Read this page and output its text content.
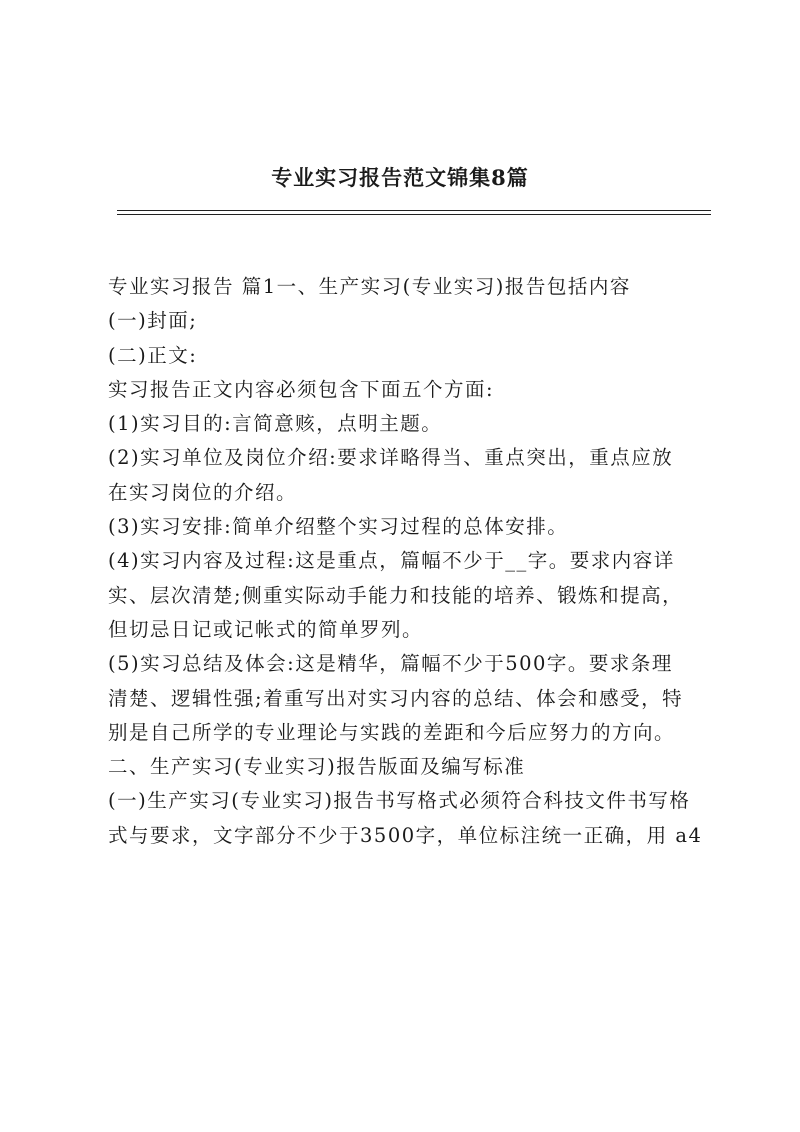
专业实习报告范文锦集8篇
专业实习报告 篇1一、生产实习(专业实习)报告包括内容
(一)封面;
(二)正文:
实习报告正文内容必须包含下面五个方面:
(1)实习目的:言简意赅，点明主题。
(2)实习单位及岗位介绍:要求详略得当、重点突出，重点应放
在实习岗位的介绍。
(3)实习安排:简单介绍整个实习过程的总体安排。
(4)实习内容及过程:这是重点，篇幅不少于__字。要求内容详
实、层次清楚;侧重实际动手能力和技能的培养、锻炼和提高，
但切忌日记或记帐式的简单罗列。
(5)实习总结及体会:这是精华，篇幅不少于500字。要求条理
清楚、逻辑性强;着重写出对实习内容的总结、体会和感受，特
别是自己所学的专业理论与实践的差距和今后应努力的方向。
二、生产实习(专业实习)报告版面及编写标准
(一)生产实习(专业实习)报告书写格式必须符合科技文件书写格
式与要求，文字部分不少于3500字，单位标注统一正确，用 a4
